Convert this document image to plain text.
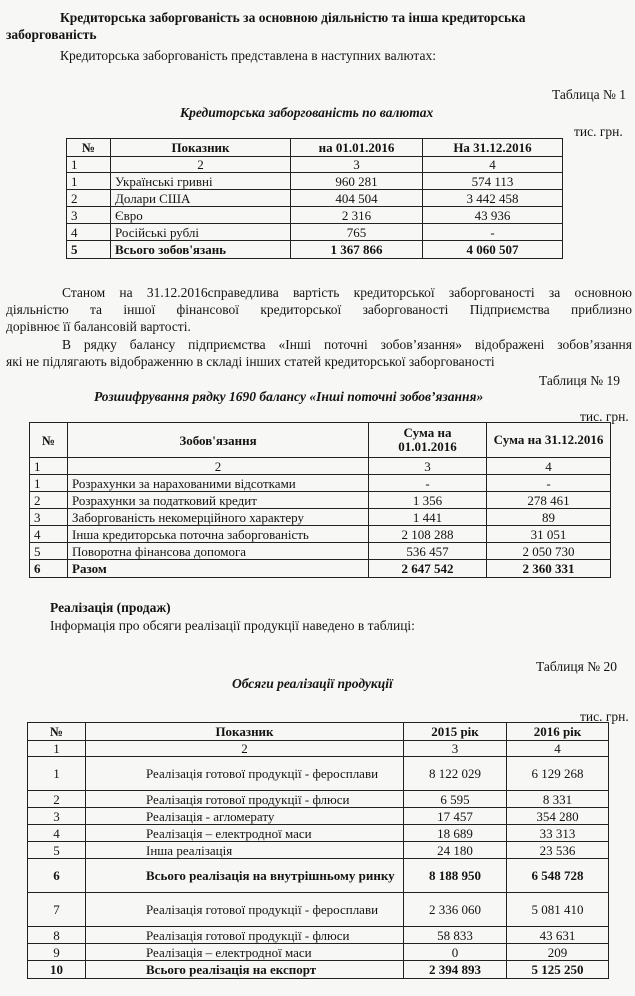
Кредиторська заборгованість за основною діяльністю та інша кредиторська
заборгованість
Кредиторська заборгованість представлена в наступних валютах:
Таблица № 1
Кредиторська заборгованість по валютах
тис. грн.
№	Показник	на 01.01.2016	На 31.12.2016
1	2	3	4
1	Українські гривні	960 281	574 113
2	Долари США	404 504	3 442 458
3	Євро	2 316	43 936
4	Російські рублі	765	-
5	Всього зобов'язань	1 367 866	4 060 507
Станом на 31.12.2016справедлива вартість кредиторської заборгованості за основною
діяльністю та іншої фінансової кредиторської заборгованості Підприємства приблизно
дорівнює її балансовій вартості.
В рядку балансу підприємства «Інші поточні зобов’язання» відображені зобов’язання
які не підлягають відображенню в складі інших статей кредиторської заборгованості
Таблиця № 19
Розшифрування рядку 1690 балансу «Інші поточні зобов’язання»
тис. грн.
№	Зобов'язання	Сума на 01.01.2016	Сума на 31.12.2016
1	2	3	4
1	Розрахунки за нарахованими відсотками	-	-
2	Розрахунки за податковий кредит	1 356	278 461
3	Заборгованість некомерційного характеру	1 441	89
4	Інша кредиторська поточна заборгованість	2 108 288	31 051
5	Поворотна фінансова допомога	536 457	2 050 730
6	Разом	2 647 542	2 360 331
Реалізація (продаж)
Інформація про обсяги реалізації продукції наведено в таблиці:
Таблиця № 20
Обсяги реалізації продукції
тис. грн.
№	Показник	2015 рік	2016 рік
1	2	3	4
1	Реалізація готової продукції - феросплави	8 122 029	6 129 268
2	Реалізація готової продукції - флюси	6 595	8 331
3	Реалізація - агломерату	17 457	354 280
4	Реалізація – електродної маси	18 689	33 313
5	Інша реалізація	24 180	23 536
6	Всього реалізація на внутрішньому ринку	8 188 950	6 548 728
7	Реалізація готової продукції - феросплави	2 336 060	5 081 410
8	Реалізація готової продукції - флюси	58 833	43 631
9	Реалізація – електродної маси	0	209
10	Всього реалізація на експорт	2 394 893	5 125 250
